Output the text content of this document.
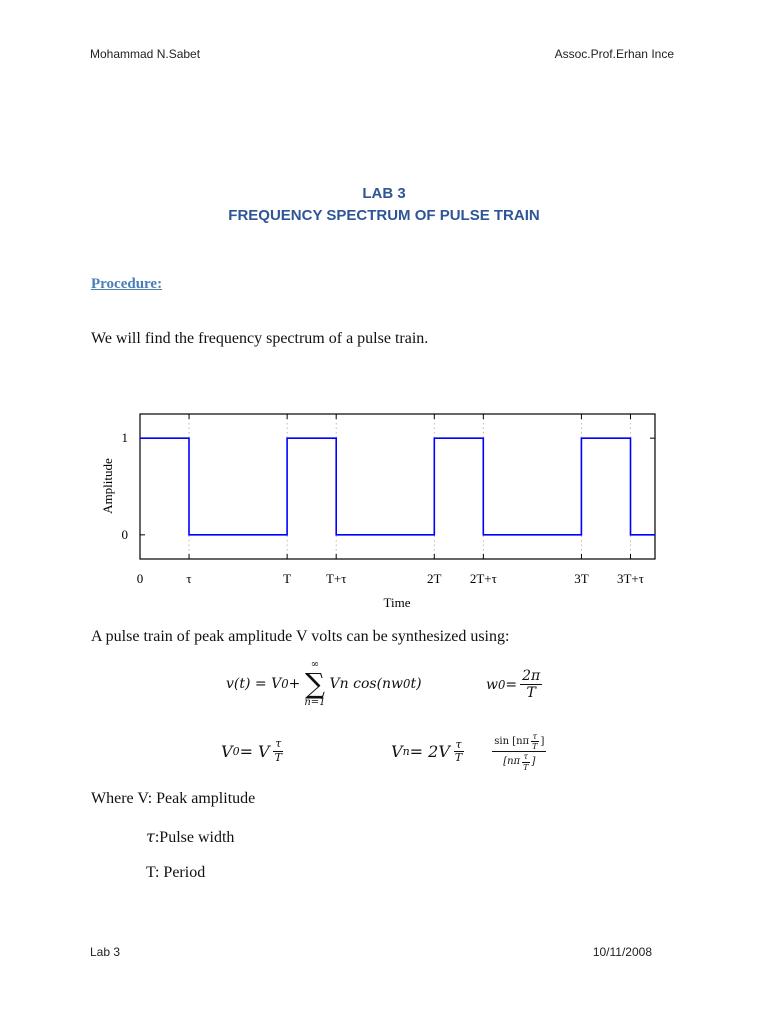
Mohammad N.Sabet	Assoc.Prof.Erhan Ince
LAB 3
FREQUENCY SPECTRUM OF PULSE TRAIN
Procedure:
We will find the frequency spectrum of a pulse train.
0	τ	T	T+τ	2T 2T+τ	3T 3T+τ
0
1
Time
Amplitude
A pulse train of peak amplitude V volts can be synthesized using:
v(t) = V 0 +
∞
∑
n=1
Vn cos(nw 0 t)	w $0 = \frac{2\pi}{T}$
V 0 = V $\frac{\tau}{T}$	V $n = 2V \frac{\tau}{T}$	$\frac{\sin [n\pi \frac{\tau}{T} ]}{[n\pi \frac{\tau}{T} ]}$
Where V: Peak amplitude
τ:Pulse width
T: Period
Lab 3	10/11/2008
